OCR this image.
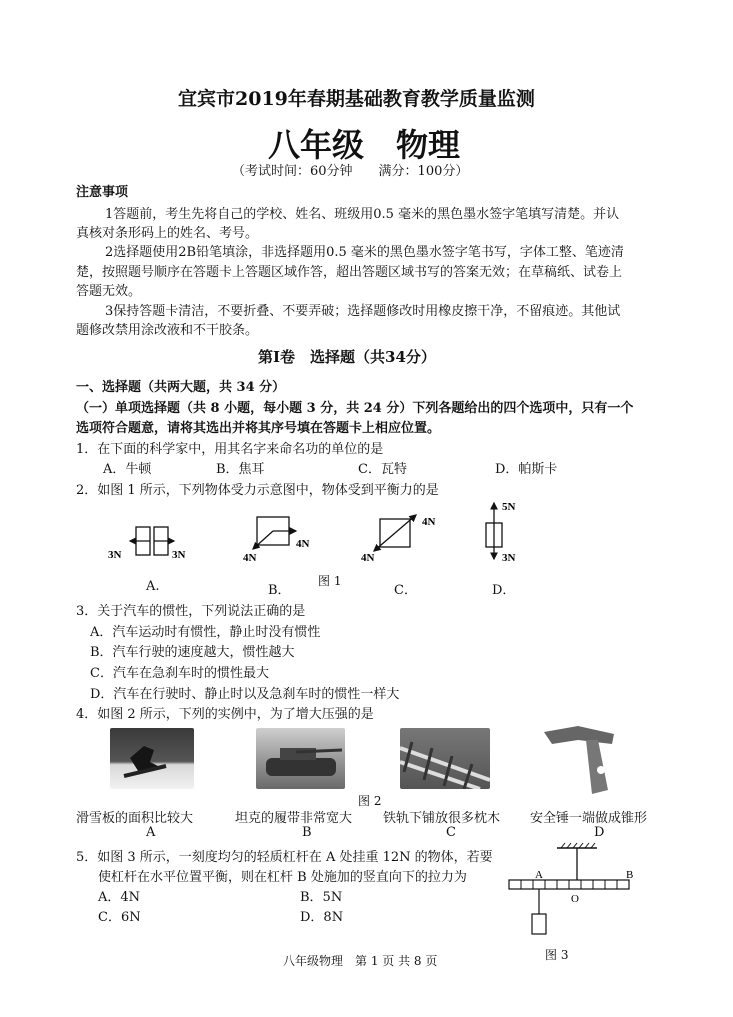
宜宾市2019年春期基础教育教学质量监测
八年级　物理
（考试时间：60分钟　　满分：100分）
注意事项
1答题前，考生先将自己的学校、姓名、班级用0.5 毫米的黑色墨水签字笔填写清楚。并认
真核对条形码上的姓名、考号。
2选择题使用2B铅笔填涂，非选择题用0.5 毫米的黑色墨水签字笔书写，字体工整、笔迹清
楚，按照题号顺序在答题卡上答题区域作答，超出答题区域书写的答案无效；在草稿纸、试卷上
答题无效。
3保持答题卡清洁，不要折叠、不要弄破；选择题修改时用橡皮擦干净，不留痕迹。其他试
题修改禁用涂改液和不干胶条。
第Ⅰ卷　选择题（共34分）
一、选择题（共两大题，共 34 分）
（一）单项选择题（共 8 小题，每小题 3 分，共 24 分）下列各题给出的四个选项中，只有一个
选项符合题意，请将其选出并将其序号填在答题卡上相应位置。
1．在下面的科学家中，用其名字来命名功的单位的是
A．牛顿	B．焦耳	C．瓦特	D．帕斯卡
2．如图 1 所示，下列物体受力示意图中，物体受到平衡力的是
3N	3N	4N
4N
4N
4N
5N
3N
A.	B．
图 1
C．	D．
3．关于汽车的惯性，下列说法正确的是
A．汽车运动时有惯性，静止时没有惯性
B．汽车行驶的速度越大，惯性越大
C．汽车在急刹车时的惯性最大
D．汽车在行驶时、静止时以及急刹车时的惯性一样大
4．如图 2 所示，下列的实例中，为了增大压强的是
图 2
滑雪板的面积比较大	坦克的履带非常宽大 铁轨下铺放很多枕木 安全锤一端做成锥形
A	B	C	D
5．如图 3 所示，一刻度均匀的轻质杠杆在 A 处挂重 12N 的物体，若要
使杠杆在水平位置平衡，则在杠杆 B 处施加的竖直向下的拉力为
A．4N	B．5N
C．6N	D．8N
A	B
O
图 3
八年级物理　第 1 页 共 8 页
